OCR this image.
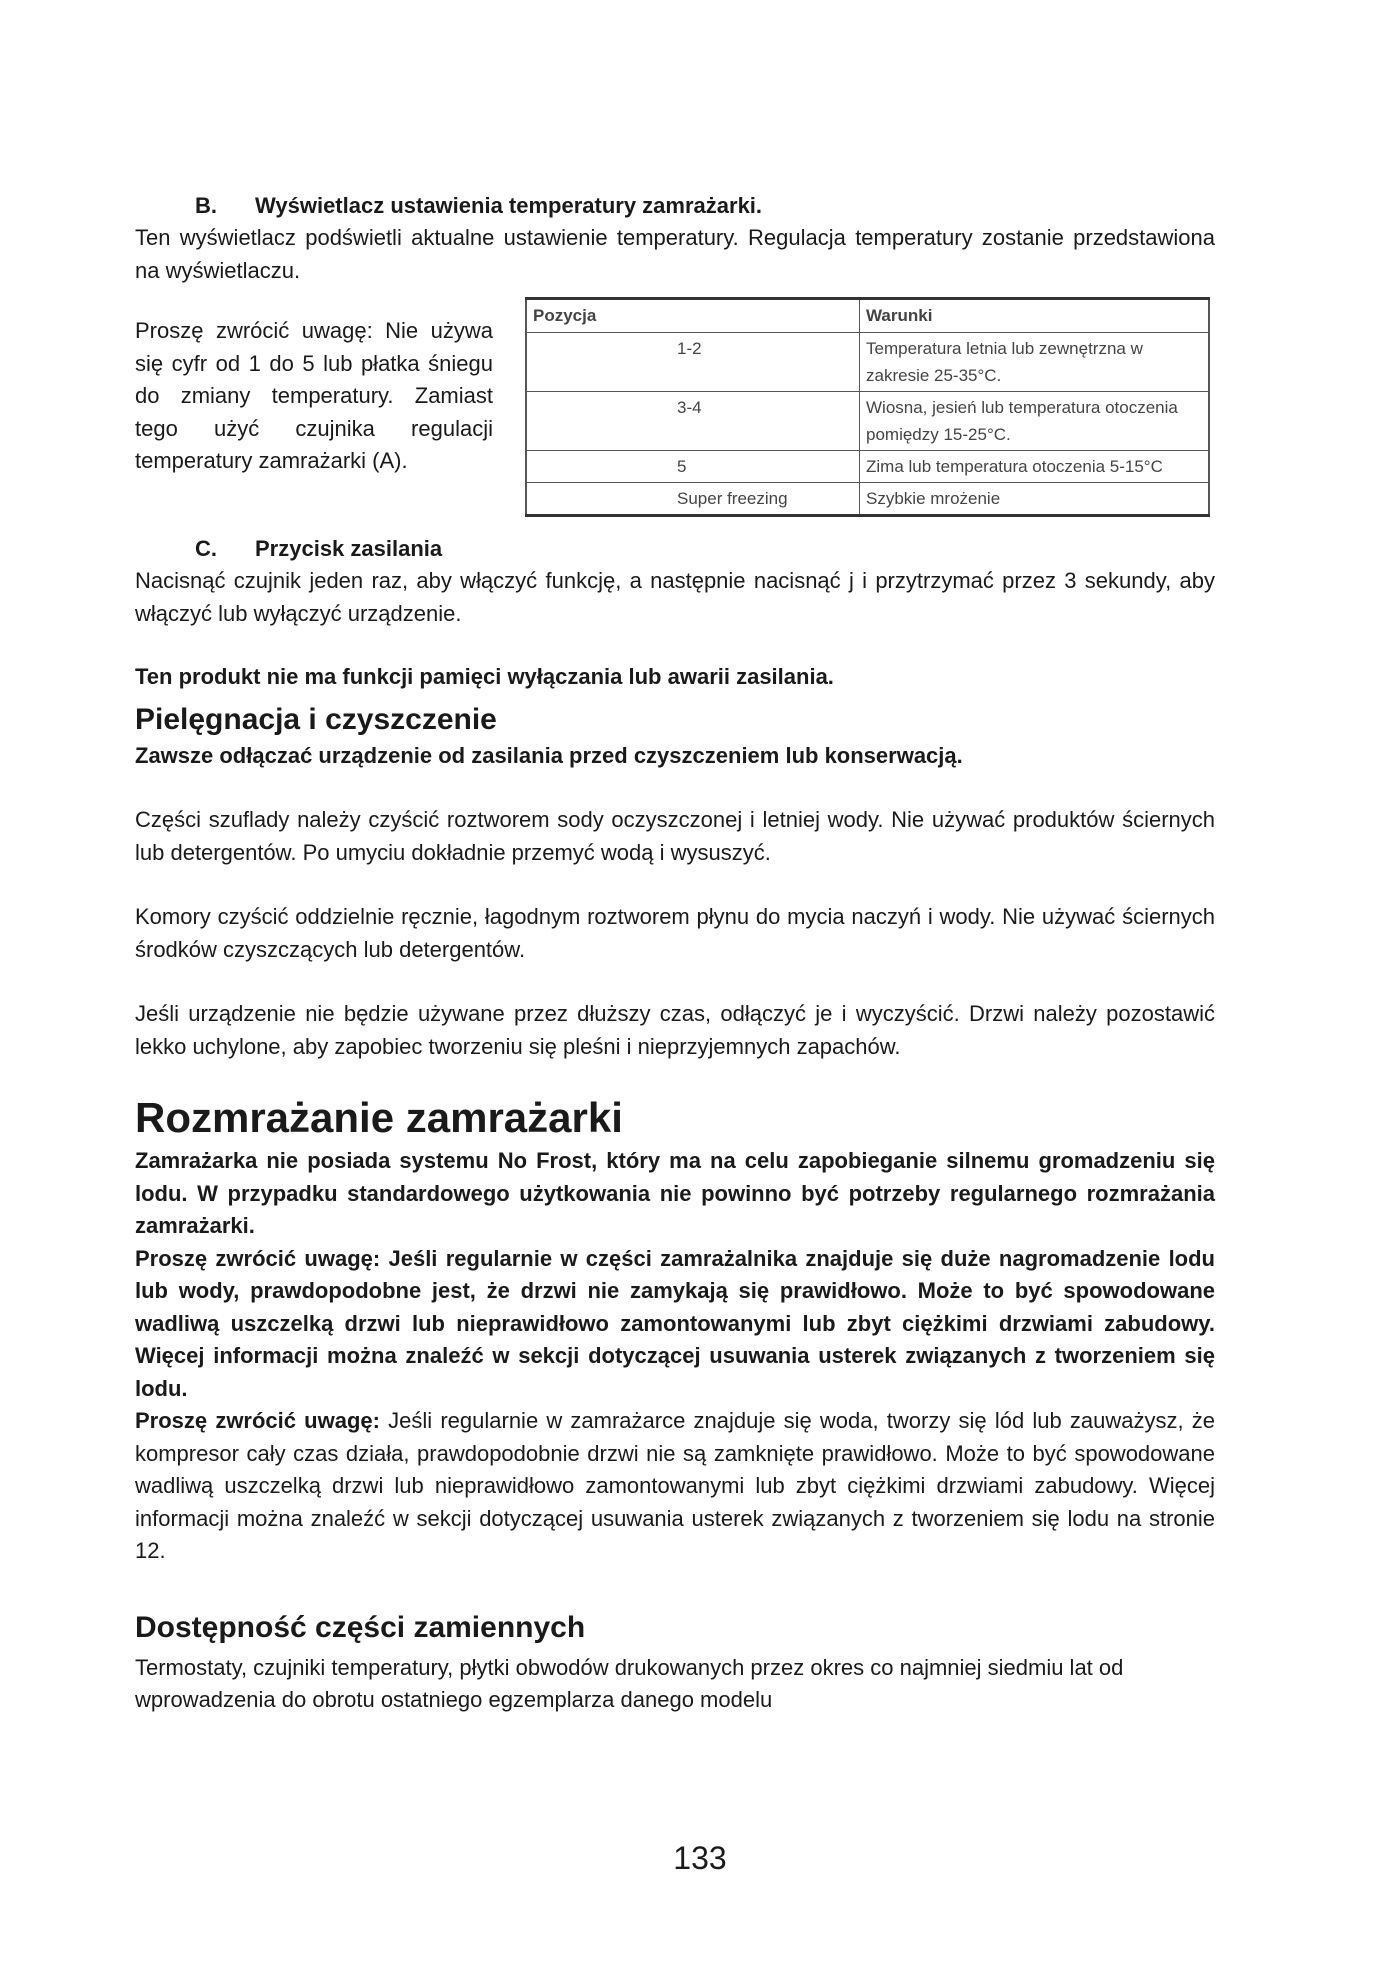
B. Wyświetlacz ustawienia temperatury zamrażarki.

Ten wyświetlacz podświetli aktualne ustawienie temperatury. Regulacja temperatury zostanie przedstawiona na wyświetlaczu.

Proszę zwrócić uwagę: Nie używa się cyfr od 1 do 5 lub płatka śniegu do zmiany temperatury. Zamiast tego użyć czujnika regulacji temperatury zamrażarki (A).

Pozycja	Warunki
1-2	Temperatura letnia lub zewnętrzna w zakresie 25-35°C.
3-4	Wiosna, jesień lub temperatura otoczenia pomiędzy 15-25°C.
5	Zima lub temperatura otoczenia 5-15°C
Super freezing	Szybkie mrożenie

C. Przycisk zasilania

Nacisnąć czujnik jeden raz, aby włączyć funkcję, a następnie nacisnąć j i przytrzymać przez 3 sekundy, aby włączyć lub wyłączyć urządzenie.

Ten produkt nie ma funkcji pamięci wyłączania lub awarii zasilania.

Pielęgnacja i czyszczenie

Zawsze odłączać urządzenie od zasilania przed czyszczeniem lub konserwacją.

Części szuflady należy czyścić roztworem sody oczyszczonej i letniej wody. Nie używać produktów ściernych lub detergentów. Po umyciu dokładnie przemyć wodą i wysuszyć.

Komory czyścić oddzielnie ręcznie, łagodnym roztworem płynu do mycia naczyń i wody. Nie używać ściernych środków czyszczących lub detergentów.

Jeśli urządzenie nie będzie używane przez dłuższy czas, odłączyć je i wyczyścić. Drzwi należy pozostawić lekko uchylone, aby zapobiec tworzeniu się pleśni i nieprzyjemnych zapachów.

Rozmrażanie zamrażarki

Zamrażarka nie posiada systemu No Frost, który ma na celu zapobieganie silnemu gromadzeniu się lodu. W przypadku standardowego użytkowania nie powinno być potrzeby regularnego rozmrażania zamrażarki.

Proszę zwrócić uwagę: Jeśli regularnie w części zamrażalnika znajduje się duże nagromadzenie lodu lub wody, prawdopodobne jest, że drzwi nie zamykają się prawidłowo. Może to być spowodowane wadliwą uszczelką drzwi lub nieprawidłowo zamontowanymi lub zbyt ciężkimi drzwiami zabudowy. Więcej informacji można znaleźć w sekcji dotyczącej usuwania usterek związanych z tworzeniem się lodu.

Proszę zwrócić uwagę: Jeśli regularnie w zamrażarce znajduje się woda, tworzy się lód lub zauważysz, że kompresor cały czas działa, prawdopodobnie drzwi nie są zamknięte prawidłowo. Może to być spowodowane wadliwą uszczelką drzwi lub nieprawidłowo zamontowanymi lub zbyt ciężkimi drzwiami zabudowy. Więcej informacji można znaleźć w sekcji dotyczącej usuwania usterek związanych z tworzeniem się lodu na stronie 12.

Dostępność części zamiennych

Termostaty, czujniki temperatury, płytki obwodów drukowanych przez okres co najmniej siedmiu lat od wprowadzenia do obrotu ostatniego egzemplarza danego modelu

133
